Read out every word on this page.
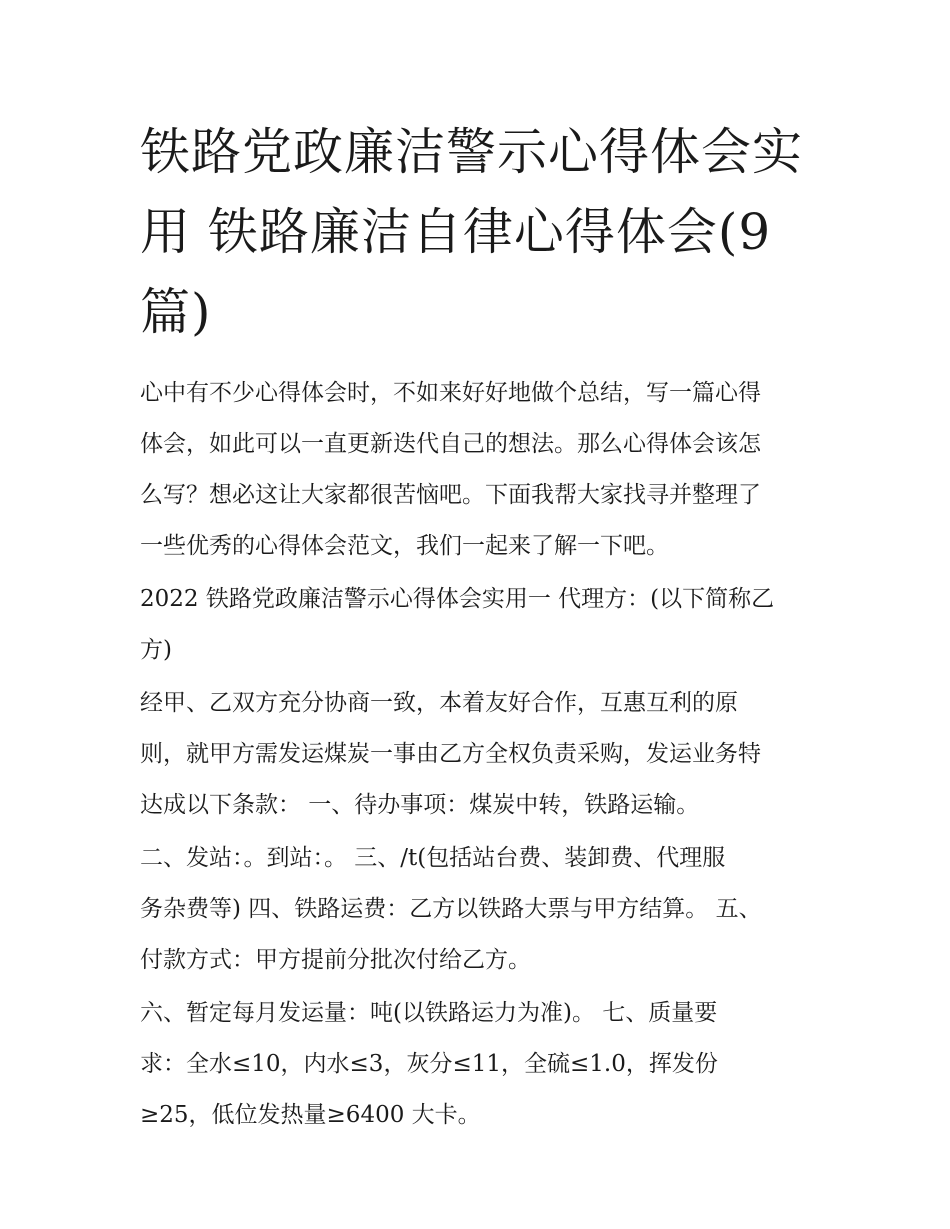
铁路党政廉洁警示心得体会实
用 铁路廉洁自律心得体会(9
篇)

心中有不少心得体会时，不如来好好地做个总结，写一篇心得
体会，如此可以一直更新迭代自己的想法。那么心得体会该怎
么写？想必这让大家都很苦恼吧。下面我帮大家找寻并整理了
一些优秀的心得体会范文，我们一起来了解一下吧。

2022 铁路党政廉洁警示心得体会实用一 代理方：(以下简称乙
方)

经甲、乙双方充分协商一致，本着友好合作，互惠互利的原
则，就甲方需发运煤炭一事由乙方全权负责采购，发运业务特
达成以下条款： 一、待办事项：煤炭中转，铁路运输。

二、发站：。到站：。 三、/t(包括站台费、装卸费、代理服
务杂费等) 四、铁路运费：乙方以铁路大票与甲方结算。 五、
付款方式：甲方提前分批次付给乙方。

六、暂定每月发运量：吨(以铁路运力为准)。 七、质量要
求：全水≤10，内水≤3，灰分≤11，全硫≤1.0，挥发份
≥25，低位发热量≥6400 大卡。
